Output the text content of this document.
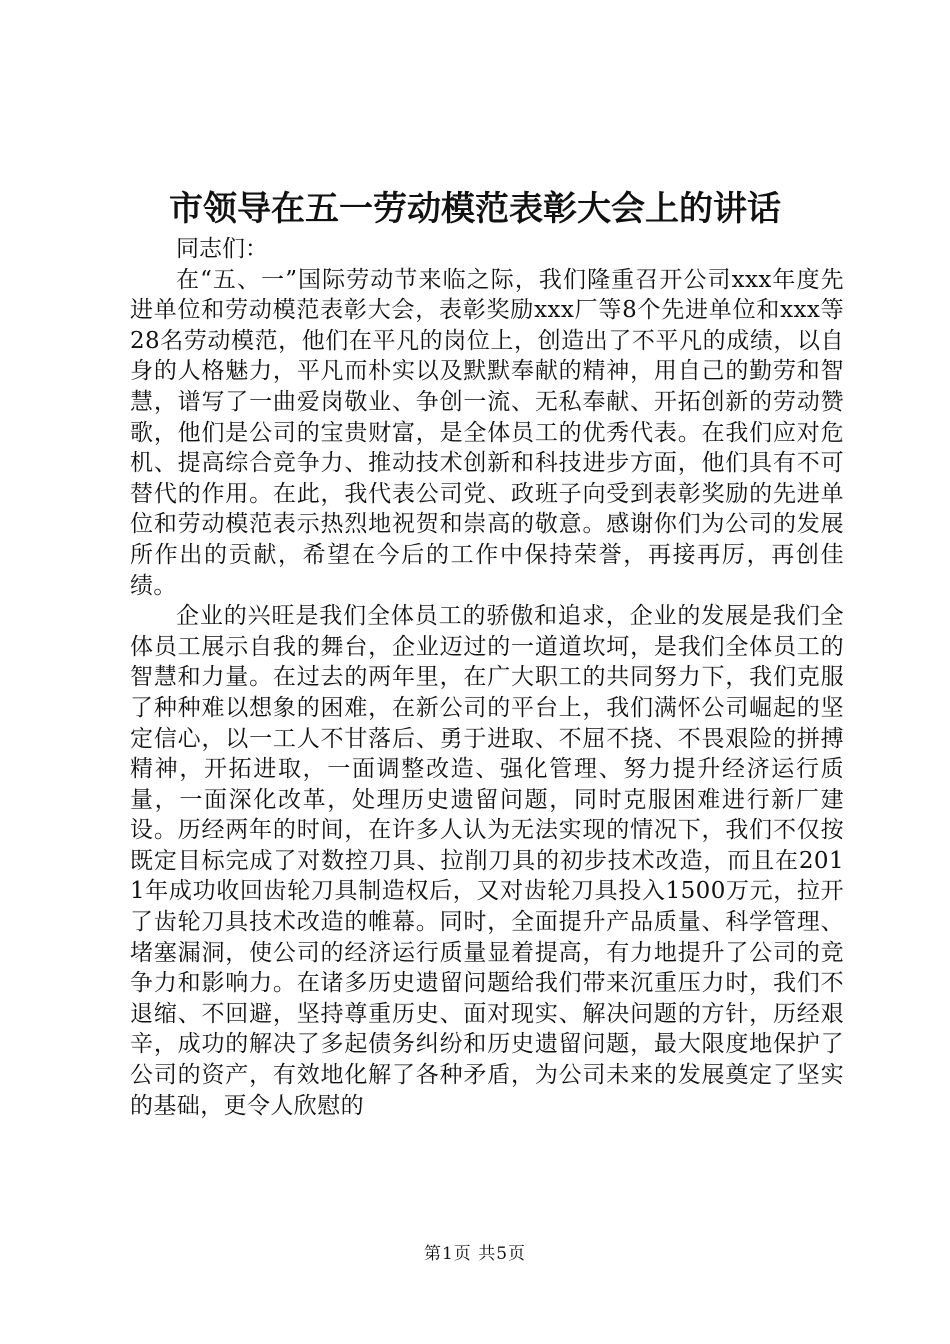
市领导在五一劳动模范表彰大会上的讲话

同志们：

在“五、一”国际劳动节来临之际，我们隆重召开公司xxx年度先进单位和劳动模范表彰大会，表彰奖励xxx厂等8个先进单位和xxx等28名劳动模范，他们在平凡的岗位上，创造出了不平凡的成绩，以自身的人格魅力，平凡而朴实以及默默奉献的精神，用自己的勤劳和智慧，谱写了一曲爱岗敬业、争创一流、无私奉献、开拓创新的劳动赞歌，他们是公司的宝贵财富，是全体员工的优秀代表。在我们应对危机、提高综合竞争力、推动技术创新和科技进步方面，他们具有不可替代的作用。在此，我代表公司党、政班子向受到表彰奖励的先进单位和劳动模范表示热烈地祝贺和崇高的敬意。感谢你们为公司的发展所作出的贡献，希望在今后的工作中保持荣誉，再接再厉，再创佳绩。

企业的兴旺是我们全体员工的骄傲和追求，企业的发展是我们全体员工展示自我的舞台，企业迈过的一道道坎坷，是我们全体员工的智慧和力量。在过去的两年里，在广大职工的共同努力下，我们克服了种种难以想象的困难，在新公司的平台上，我们满怀公司崛起的坚定信心，以一工人不甘落后、勇于进取、不屈不挠、不畏艰险的拼搏精神，开拓进取，一面调整改造、强化管理、努力提升经济运行质量，一面深化改革，处理历史遗留问题，同时克服困难进行新厂建设。历经两年的时间，在许多人认为无法实现的情况下，我们不仅按既定目标完成了对数控刀具、拉削刀具的初步技术改造，而且在2011年成功收回齿轮刀具制造权后，又对齿轮刀具投入1500万元，拉开了齿轮刀具技术改造的帷幕。同时，全面提升产品质量、科学管理、堵塞漏洞，使公司的经济运行质量显着提高，有力地提升了公司的竞争力和影响力。在诸多历史遗留问题给我们带来沉重压力时，我们不退缩、不回避，坚持尊重历史、面对现实、解决问题的方针，历经艰辛，成功的解决了多起债务纠纷和历史遗留问题，最大限度地保护了公司的资产，有效地化解了各种矛盾，为公司未来的发展奠定了坚实的基础，更令人欣慰的

第1页 共5页
